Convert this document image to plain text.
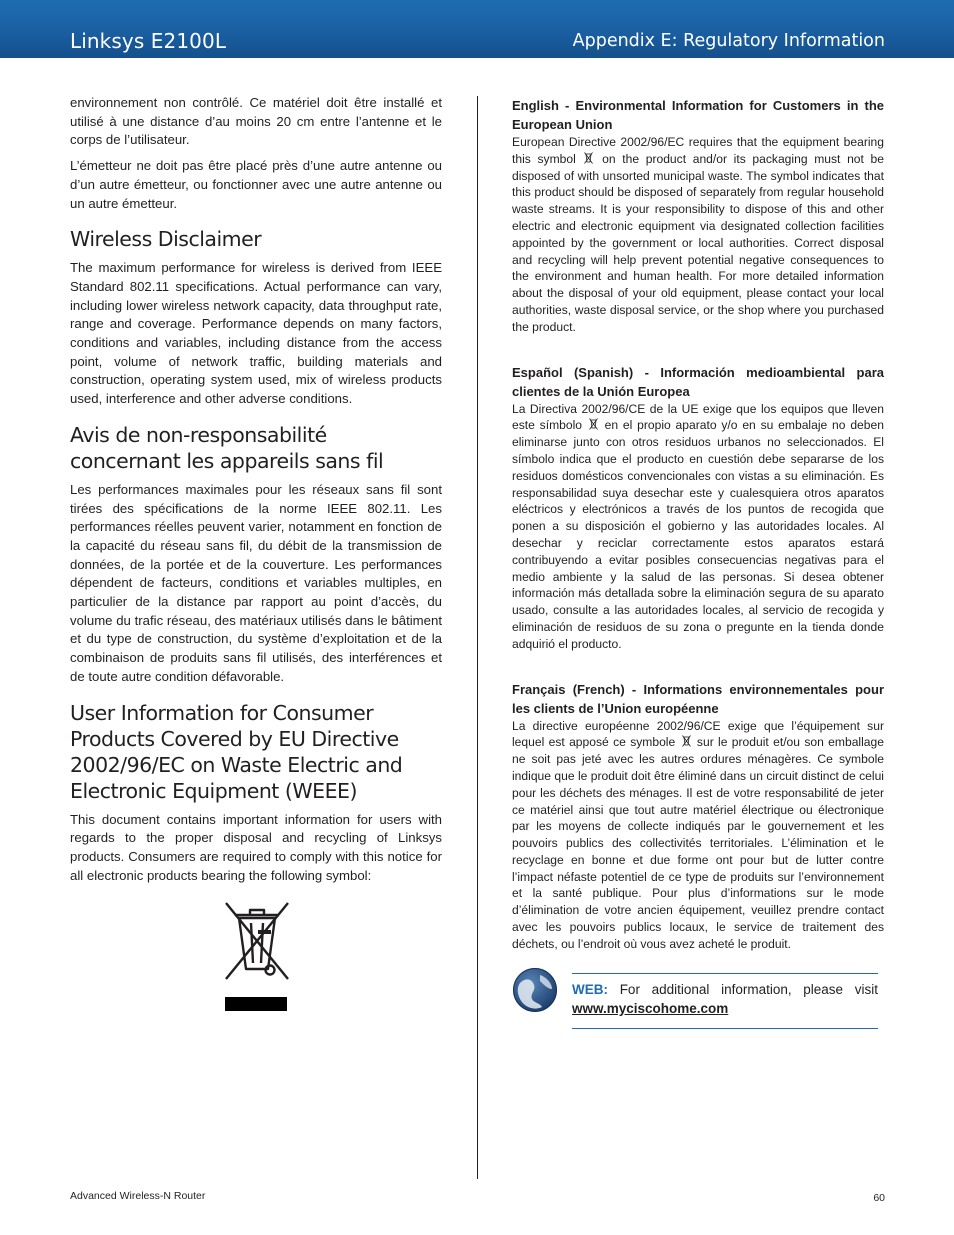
Linksys E2100L	Appendix E: Regulatory Information

environnement non contrôlé. Ce matériel doit être installé et utilisé à une distance d’au moins 20 cm entre l’antenne et le corps de l’utilisateur.

L’émetteur ne doit pas être placé près d’une autre antenne ou d’un autre émetteur, ou fonctionner avec une autre antenne ou un autre émetteur.

Wireless Disclaimer

The maximum performance for wireless is derived from IEEE Standard 802.11 specifications. Actual performance can vary, including lower wireless network capacity, data throughput rate, range and coverage. Performance depends on many factors, conditions and variables, including distance from the access point, volume of network traffic, building materials and construction, operating system used, mix of wireless products used, interference and other adverse conditions.

Avis de non-responsabilité concernant les appareils sans fil

Les performances maximales pour les réseaux sans fil sont tirées des spécifications de la norme IEEE 802.11. Les performances réelles peuvent varier, notamment en fonction de la capacité du réseau sans fil, du débit de la transmission de données, de la portée et de la couverture. Les performances dépendent de facteurs, conditions et variables multiples, en particulier de la distance par rapport au point d’accès, du volume du trafic réseau, des matériaux utilisés dans le bâtiment et du type de construction, du système d’exploitation et de la combinaison de produits sans fil utilisés, des interférences et de toute autre condition défavorable.

User Information for Consumer Products Covered by EU Directive 2002/96/EC on Waste Electric and Electronic Equipment (WEEE)

This document contains important information for users with regards to the proper disposal and recycling of Linksys products. Consumers are required to comply with this notice for all electronic products bearing the following symbol:

English - Environmental Information for Customers in the European Union

European Directive 2002/96/EC requires that the equipment bearing this symbol on the product and/or its packaging must not be disposed of with unsorted municipal waste. The symbol indicates that this product should be disposed of separately from regular household waste streams. It is your responsibility to dispose of this and other electric and electronic equipment via designated collection facilities appointed by the government or local authorities. Correct disposal and recycling will help prevent potential negative consequences to the environment and human health. For more detailed information about the disposal of your old equipment, please contact your local authorities, waste disposal service, or the shop where you purchased the product.

Español (Spanish) - Información medioambiental para clientes de la Unión Europea

La Directiva 2002/96/CE de la UE exige que los equipos que lleven este símbolo en el propio aparato y/o en su embalaje no deben eliminarse junto con otros residuos urbanos no seleccionados. El símbolo indica que el producto en cuestión debe separarse de los residuos domésticos convencionales con vistas a su eliminación. Es responsabilidad suya desechar este y cualesquiera otros aparatos eléctricos y electrónicos a través de los puntos de recogida que ponen a su disposición el gobierno y las autoridades locales. Al desechar y reciclar correctamente estos aparatos estará contribuyendo a evitar posibles consecuencias negativas para el medio ambiente y la salud de las personas. Si desea obtener información más detallada sobre la eliminación segura de su aparato usado, consulte a las autoridades locales, al servicio de recogida y eliminación de residuos de su zona o pregunte en la tienda donde adquirió el producto.

Français (French) - Informations environnementales pour les clients de l’Union européenne

La directive européenne 2002/96/CE exige que l’équipement sur lequel est apposé ce symbole sur le produit et/ou son emballage ne soit pas jeté avec les autres ordures ménagères. Ce symbole indique que le produit doit être éliminé dans un circuit distinct de celui pour les déchets des ménages. Il est de votre responsabilité de jeter ce matériel ainsi que tout autre matériel électrique ou électronique par les moyens de collecte indiqués par le gouvernement et les pouvoirs publics des collectivités territoriales. L’élimination et le recyclage en bonne et due forme ont pour but de lutter contre l’impact néfaste potentiel de ce type de produits sur l’environnement et la santé publique. Pour plus d’informations sur le mode d’élimination de votre ancien équipement, veuillez prendre contact avec les pouvoirs publics locaux, le service de traitement des déchets, ou l’endroit où vous avez acheté le produit.

WEB: For additional information, please visit www.myciscohome.com
Advanced Wireless-N Router	60
